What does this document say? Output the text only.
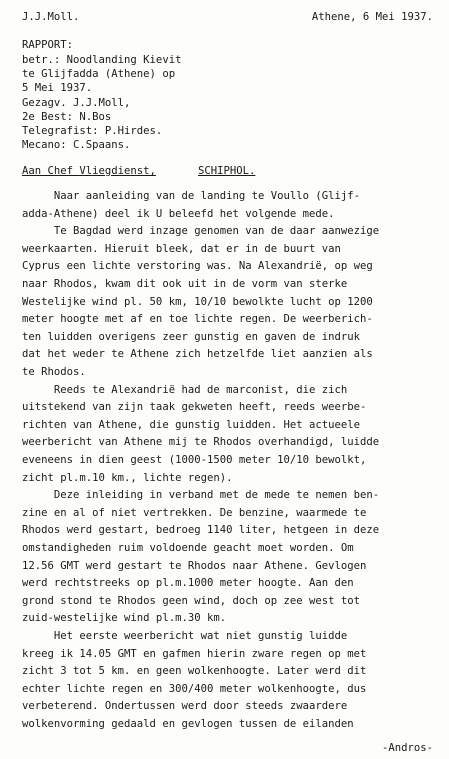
J.J.Moll.	Athene, 6 Mei 1937.
RAPPORT:
betr.: Noodlanding Kievit
te Glijfadda (Athene) op
5 Mei 1937.
Gezagv. J.J.Moll,
2e Best: N.Bos
Telegrafist: P.Hirdes.
Mecano: C.Spaans.
Aan Chef Vliegdienst,	SCHIPHOL.
Naar aanleiding van de landing te Voullo (Glijf-
adda-Athene) deel ik U beleefd het volgende mede.
Te Bagdad werd inzage genomen van de daar aanwezige
weerkaarten. Hieruit bleek, dat er in de buurt van
Cyprus een lichte verstoring was. Na Alexandrië, op weg
naar Rhodos, kwam dit ook uit in de vorm van sterke
Westelijke wind pl. 50 km, 10/10 bewolkte lucht op 1200
meter hoogte met af en toe lichte regen. De weerberich-
ten luidden overigens zeer gunstig en gaven de indruk
dat het weder te Athene zich hetzelfde liet aanzien als
te Rhodos.
Reeds te Alexandrië had de marconist, die zich
uitstekend van zijn taak gekweten heeft, reeds weerbe-
richten van Athene, die gunstig luidden. Het actueele
weerbericht van Athene mij te Rhodos overhandigd, luidde
eveneens in dien geest (1000-1500 meter 10/10 bewolkt,
zicht pl.m.10 km., lichte regen).
Deze inleiding in verband met de mede te nemen ben-
zine en al of niet vertrekken. De benzine, waarmede te
Rhodos werd gestart, bedroeg 1140 liter, hetgeen in deze
omstandigheden ruim voldoende geacht moet worden. Om
12.56 GMT werd gestart te Rhodos naar Athene. Gevlogen
werd rechtstreeks op pl.m.1000 meter hoogte. Aan den
grond stond te Rhodos geen wind, doch op zee west tot
zuid-westelijke wind pl.m.30 km.
Het eerste weerbericht wat niet gunstig luidde
kreeg ik 14.05 GMT en gafmen hierin zware regen op met
zicht 3 tot 5 km. en geen wolkenhoogte. Later werd dit
echter lichte regen en 300/400 meter wolkenhoogte, dus
verbeterend. Ondertussen werd door steeds zwaardere
wolkenvorming gedaald en gevlogen tussen de eilanden
-Andros-
